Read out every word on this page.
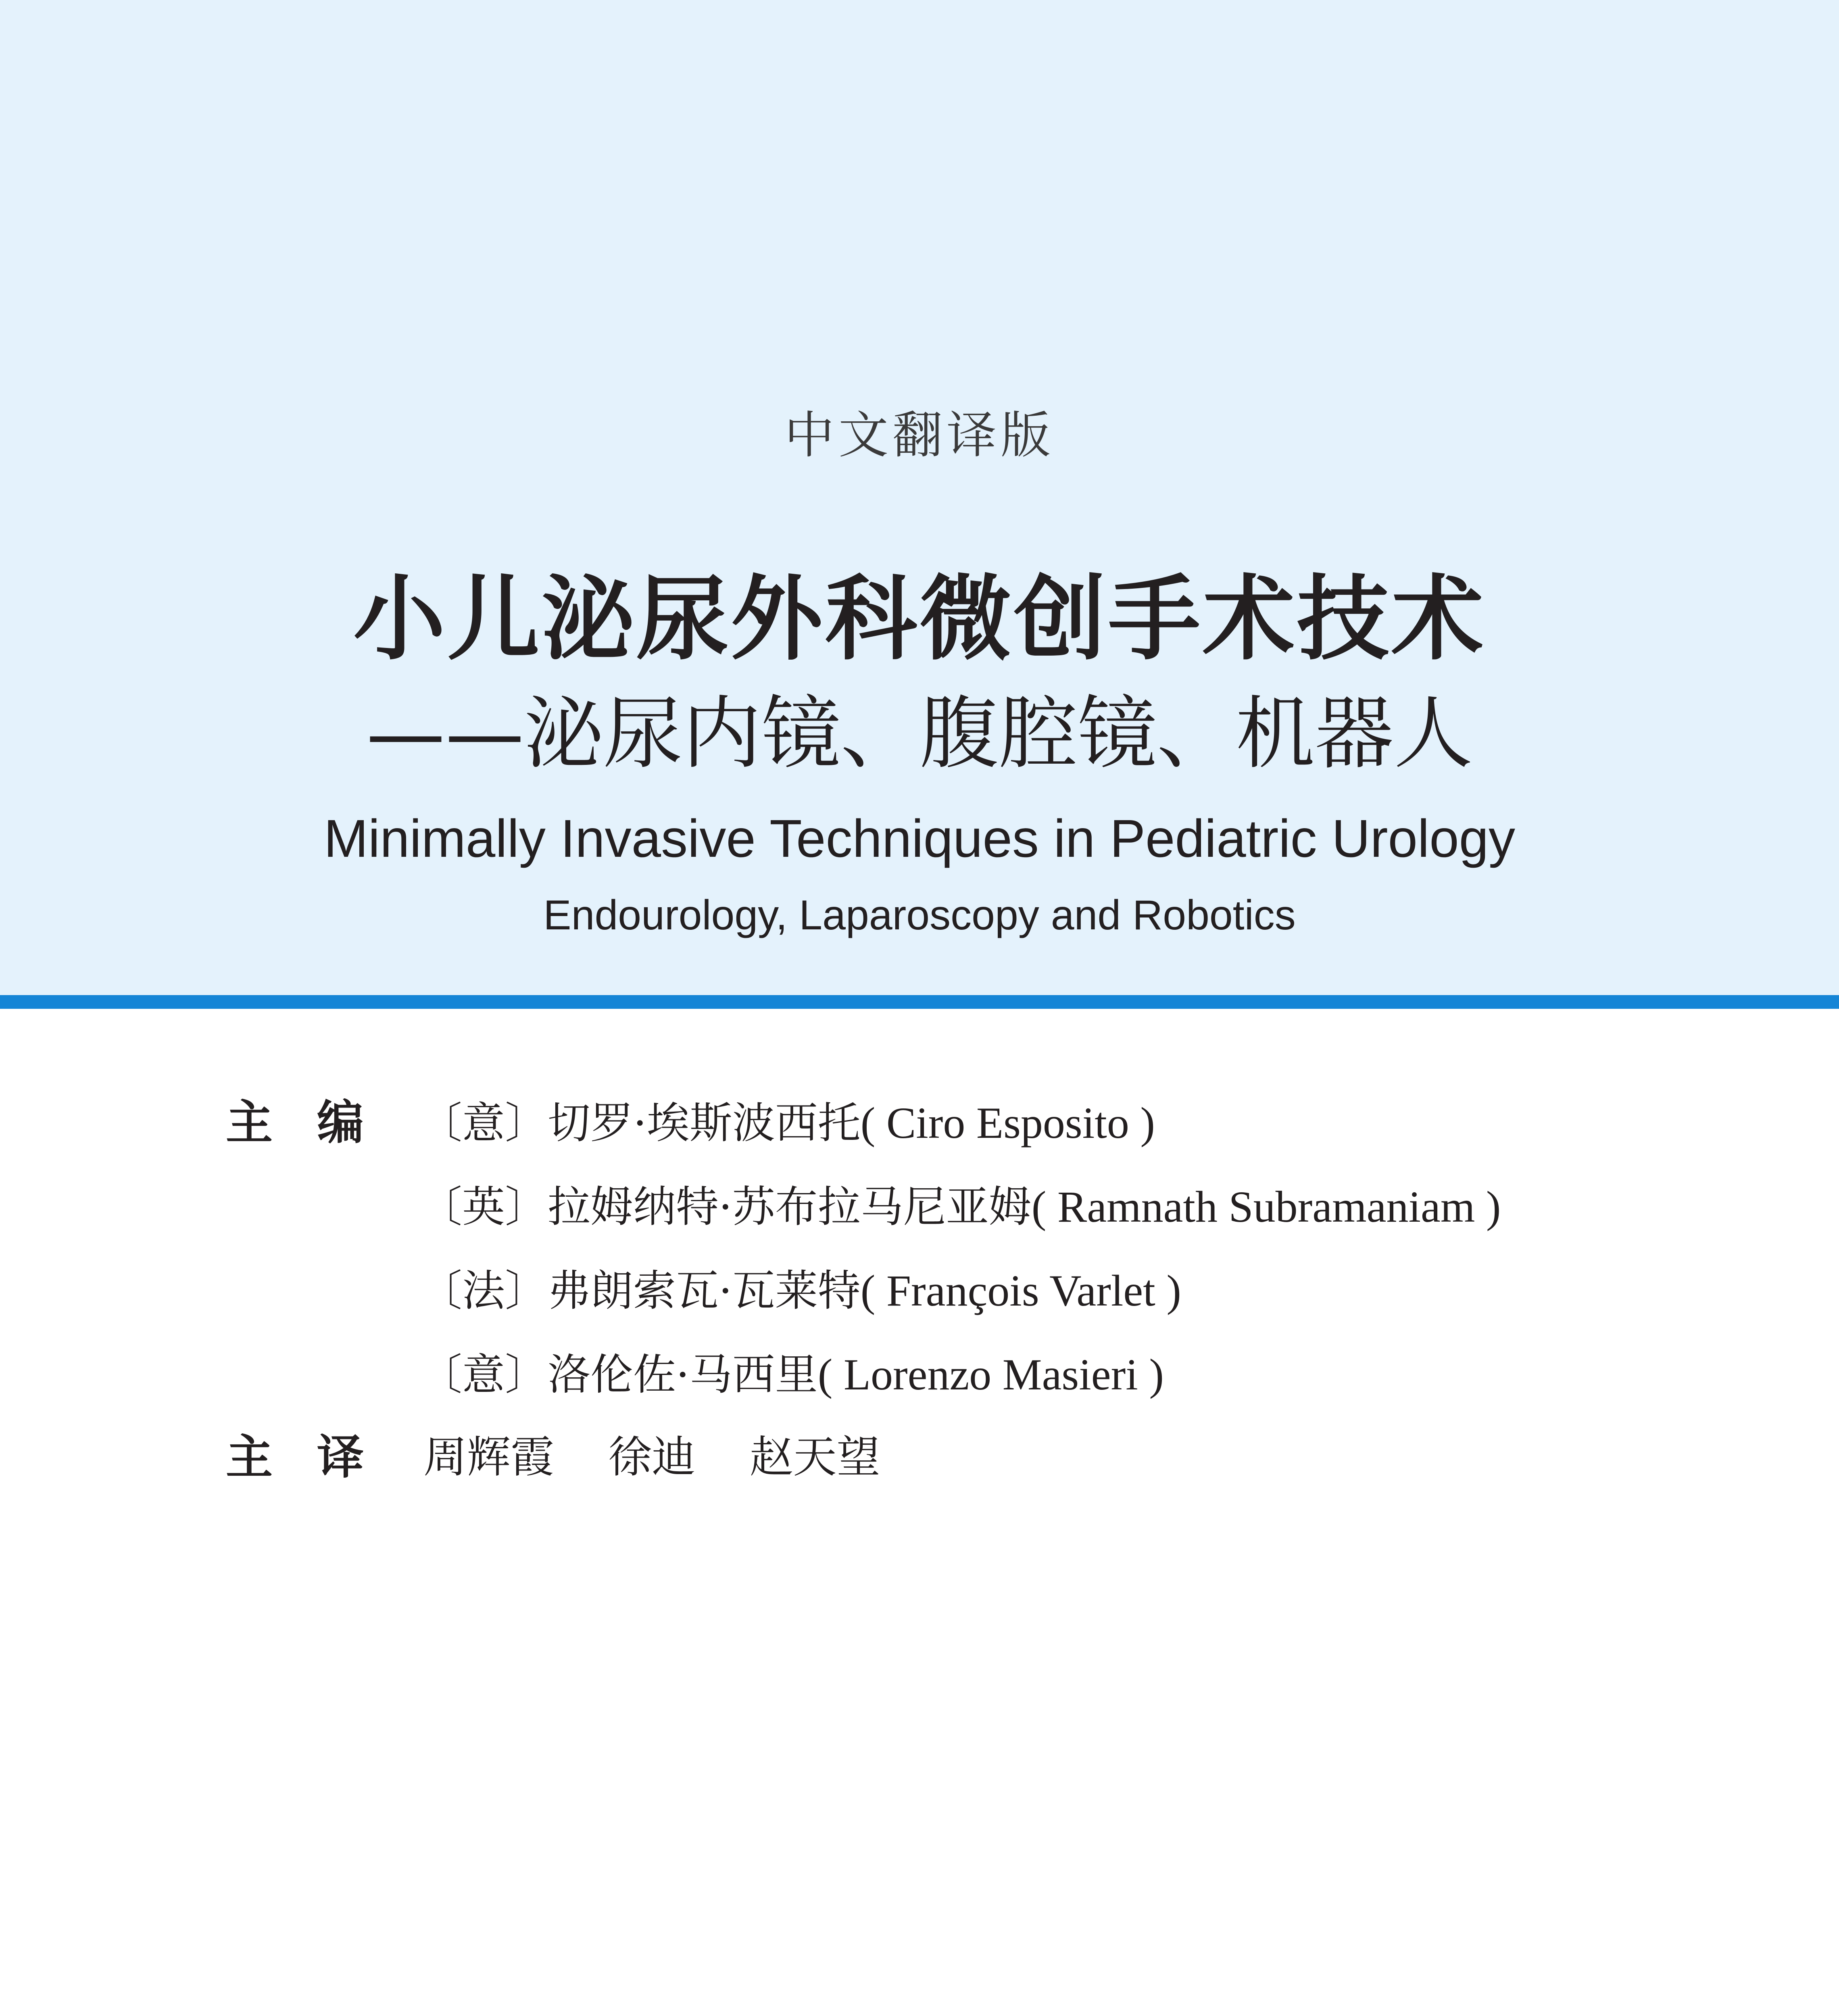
中文翻译版
小儿泌尿外科微创手术技术
——泌尿内镜、腹腔镜、机器人
Minimally Invasive Techniques in Pediatric Urology
Endourology, Laparoscopy and Robotics
主编 〔意〕切罗·埃斯波西托( Ciro Esposito )
〔英〕拉姆纳特·苏布拉马尼亚姆( Ramnath Subramaniam )
〔法〕弗朗索瓦·瓦莱特( François Varlet )
〔意〕洛伦佐·马西里( Lorenzo Masieri )
主译 周辉霞 徐迪 赵天望
